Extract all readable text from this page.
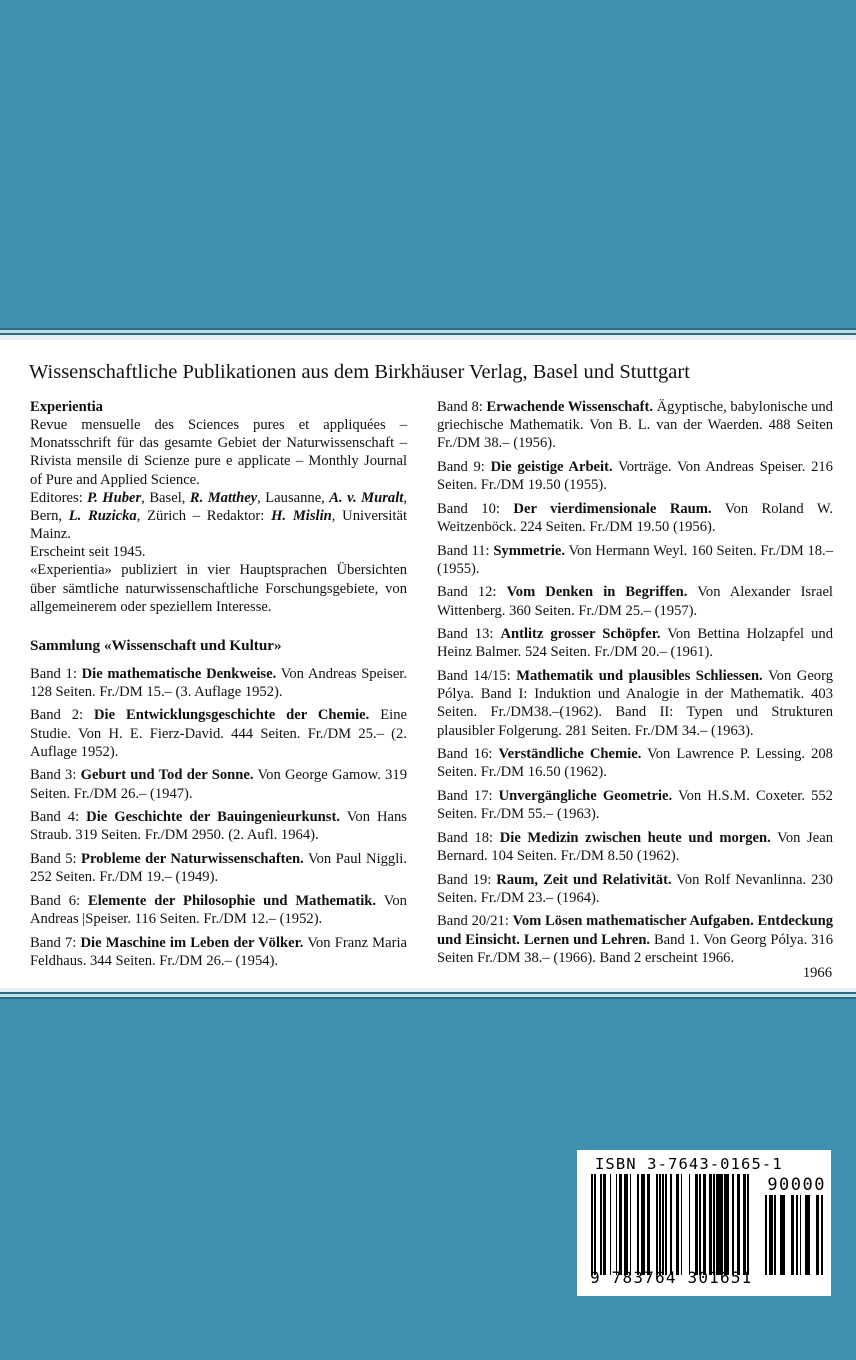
Wissenschaftliche Publikationen aus dem Birkhäuser Verlag, Basel und Stuttgart
Experientia

Revue mensuelle des Sciences pures et appliquées – Monatsschrift für das gesamte Gebiet der Naturwissenschaft – Rivista mensile di Scienze pure e applicate – Monthly Journal of Pure and Applied Science.

Editores: P. Huber, Basel, R. Matthey, Lausanne, A. v. Muralt, Bern, L. Ruzicka, Zürich – Redaktor: H. Mislin, Universität Mainz.

Erscheint seit 1945.

«Experientia» publiziert in vier Hauptsprachen Übersichten über sämtliche naturwissenschaftliche Forschungsgebiete, von allgemeinerem oder speziellem Interesse.

Sammlung «Wissenschaft und Kultur»

Band 1: Die mathematische Denkweise. Von Andreas Speiser. 128 Seiten. Fr./DM 15.– (3. Auflage 1952).

Band 2: Die Entwicklungsgeschichte der Chemie. Eine Studie. Von H. E. Fierz-David. 444 Seiten. Fr./DM 25.– (2. Auflage 1952).

Band 3: Geburt und Tod der Sonne. Von George Gamow. 319 Seiten. Fr./DM 26.– (1947).

Band 4: Die Geschichte der Bauingenieurkunst. Von Hans Straub. 319 Seiten. Fr./DM 2950. (2. Aufl. 1964).

Band 5: Probleme der Naturwissenschaften. Von Paul Niggli. 252 Seiten. Fr./DM 19.– (1949).

Band 6: Elemente der Philosophie und Mathematik. Von Andreas |Speiser. 116 Seiten. Fr./DM 12.– (1952).

Band 7: Die Maschine im Leben der Völker. Von Franz Maria Feldhaus. 344 Seiten. Fr./DM 26.– (1954).

Band 8: Erwachende Wissenschaft. Ägyptische, babylonische und griechische Mathematik. Von B. L. van der Waerden. 488 Seiten Fr./DM 38.– (1956).

Band 9: Die geistige Arbeit. Vorträge. Von Andreas Speiser. 216 Seiten. Fr./DM 19.50 (1955).

Band 10: Der vierdimensionale Raum. Von Roland W. Weitzenböck. 224 Seiten. Fr./DM 19.50 (1956).

Band 11: Symmetrie. Von Hermann Weyl. 160 Seiten. Fr./DM 18.– (1955).

Band 12: Vom Denken in Begriffen. Von Alexander Israel Wittenberg. 360 Seiten. Fr./DM 25.– (1957).

Band 13: Antlitz grosser Schöpfer. Von Bettina Holzapfel und Heinz Balmer. 524 Seiten. Fr./DM 20.– (1961).

Band 14/15: Mathematik und plausibles Schliessen. Von Georg Pólya. Band I: Induktion und Analogie in der Mathematik. 403 Seiten. Fr./DM38.–(1962). Band II: Typen und Strukturen plausibler Folgerung. 281 Seiten. Fr./DM 34.– (1963).

Band 16: Verständliche Chemie. Von Lawrence P. Lessing. 208 Seiten. Fr./DM 16.50 (1962).

Band 17: Unvergängliche Geometrie. Von H.S.M. Coxeter. 552 Seiten. Fr./DM 55.– (1963).

Band 18: Die Medizin zwischen heute und morgen. Von Jean Bernard. 104 Seiten. Fr./DM 8.50 (1962).

Band 19: Raum, Zeit und Relativität. Von Rolf Nevanlinna. 230 Seiten. Fr./DM 23.– (1964).

Band 20/21: Vom Lösen mathematischer Aufgaben. Entdeckung und Einsicht. Lernen und Lehren. Band 1. Von Georg Pólya. 316 Seiten Fr./DM 38.– (1966). Band 2 erscheint 1966.

1966
ISBN 3-7643-0165-1
90000
9 783764 301651
